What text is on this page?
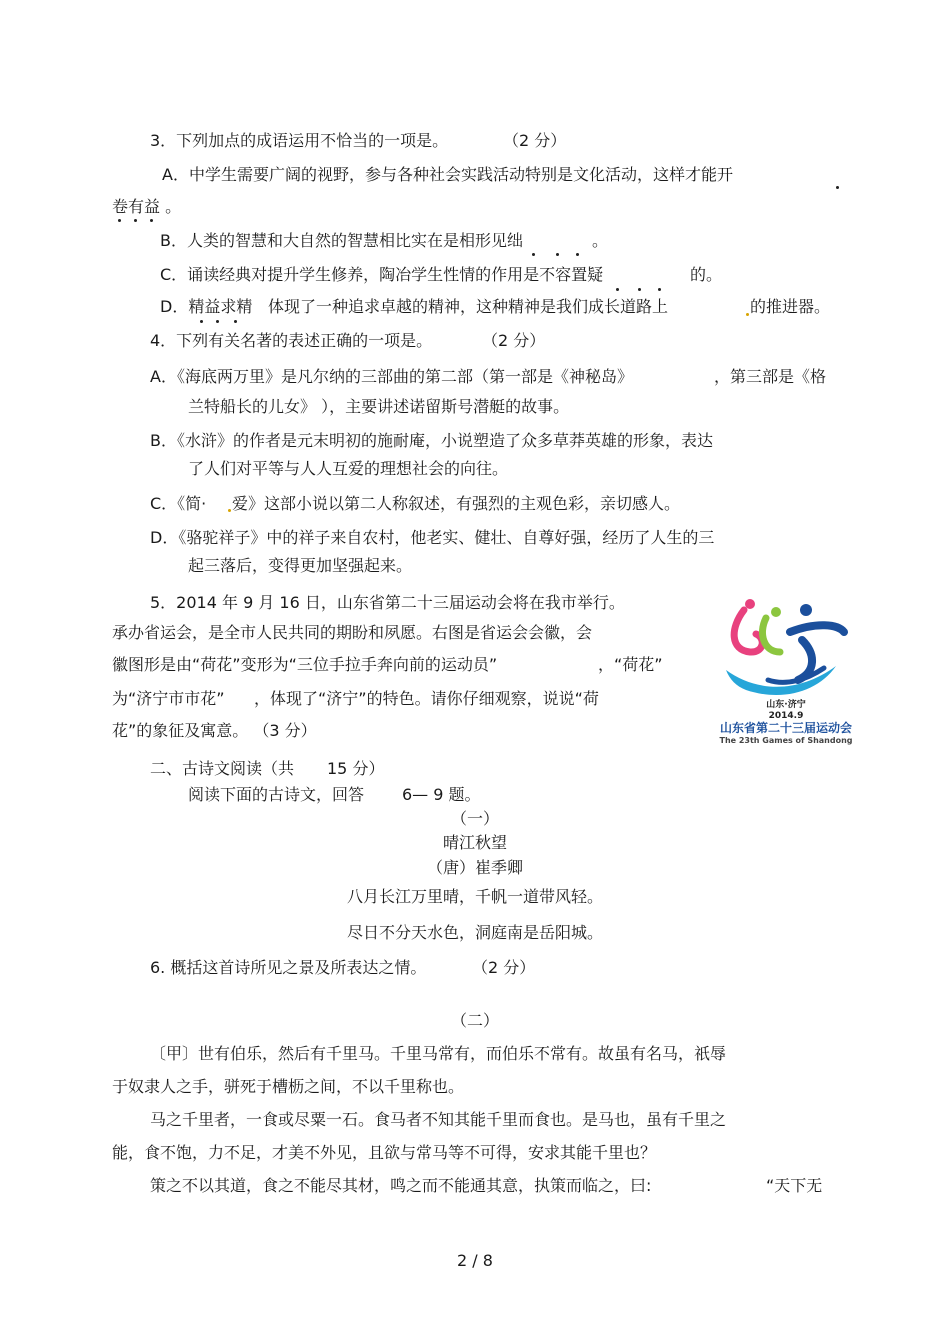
3．下列加点的成语运用不恰当的一项是。	（2 分）
A．中学生需要广阔的视野，参与各种社会实践活动特别是文化活动，这样才能开
卷有益 。
B．人类的智慧和大自然的智慧相比实在是相形见绌	。
C．诵读经典对提升学生修养，陶冶学生性情的作用是不容置疑	的。
D．精益求精 体现了一种追求卓越的精神，这种精神是我们成长道路上	的推进器。
4．下列有关名著的表述正确的一项是。	（2 分）
A．《海底两万里》是凡尔纳的三部曲的第二部（第一部是《神秘岛》	，第三部是《格
兰特船长的儿女》 ），主要讲述诺留斯号潜艇的故事。
B．《水浒》的作者是元末明初的施耐庵，小说塑造了众多草莽英雄的形象，表达
了人们对平等与人人互爱的理想社会的向往。
C．《简· 爱》这部小说以第二人称叙述，有强烈的主观色彩，亲切感人。
D．《骆驼祥子》中的祥子来自农村，他老实、健壮、自尊好强，经历了人生的三
起三落后，变得更加坚强起来。
5．2014 年 9 月 16 日，山东省第二十三届运动会将在我市举行。
承办省运会，是全市人民共同的期盼和夙愿。右图是省运会会徽，会
徽图形是由“荷花”变形为“三位手拉手奔向前的运动员”	，“荷花”
为“济宁市市花” ，体现了“济宁”的特色。请你仔细观察，说说“荷
花”的象征及寓意。 （3 分）
山东·济宁
2014.9
山东省第二十三届运动会
The 23th Games of Shandong
二、古诗文阅读（共 15 分）
阅读下面的古诗文，回答 6— 9 题。
（一）
晴江秋望
（唐）崔季卿
八月长江万里晴，千帆一道带风轻。
尽日不分天水色，洞庭南是岳阳城。
6. 概括这首诗所见之景及所表达之情。	（2 分）
（二）
〔甲〕世有伯乐，然后有千里马。千里马常有，而伯乐不常有。故虽有名马，祇辱
于奴隶人之手，骈死于槽枥之间，不以千里称也。
马之千里者，一食或尽粟一石。食马者不知其能千里而食也。是马也，虽有千里之
能，食不饱，力不足，才美不外见，且欲与常马等不可得，安求其能千里也？
策之不以其道，食之不能尽其材，鸣之而不能通其意，执策而临之，曰:	“天下无
2 / 8
